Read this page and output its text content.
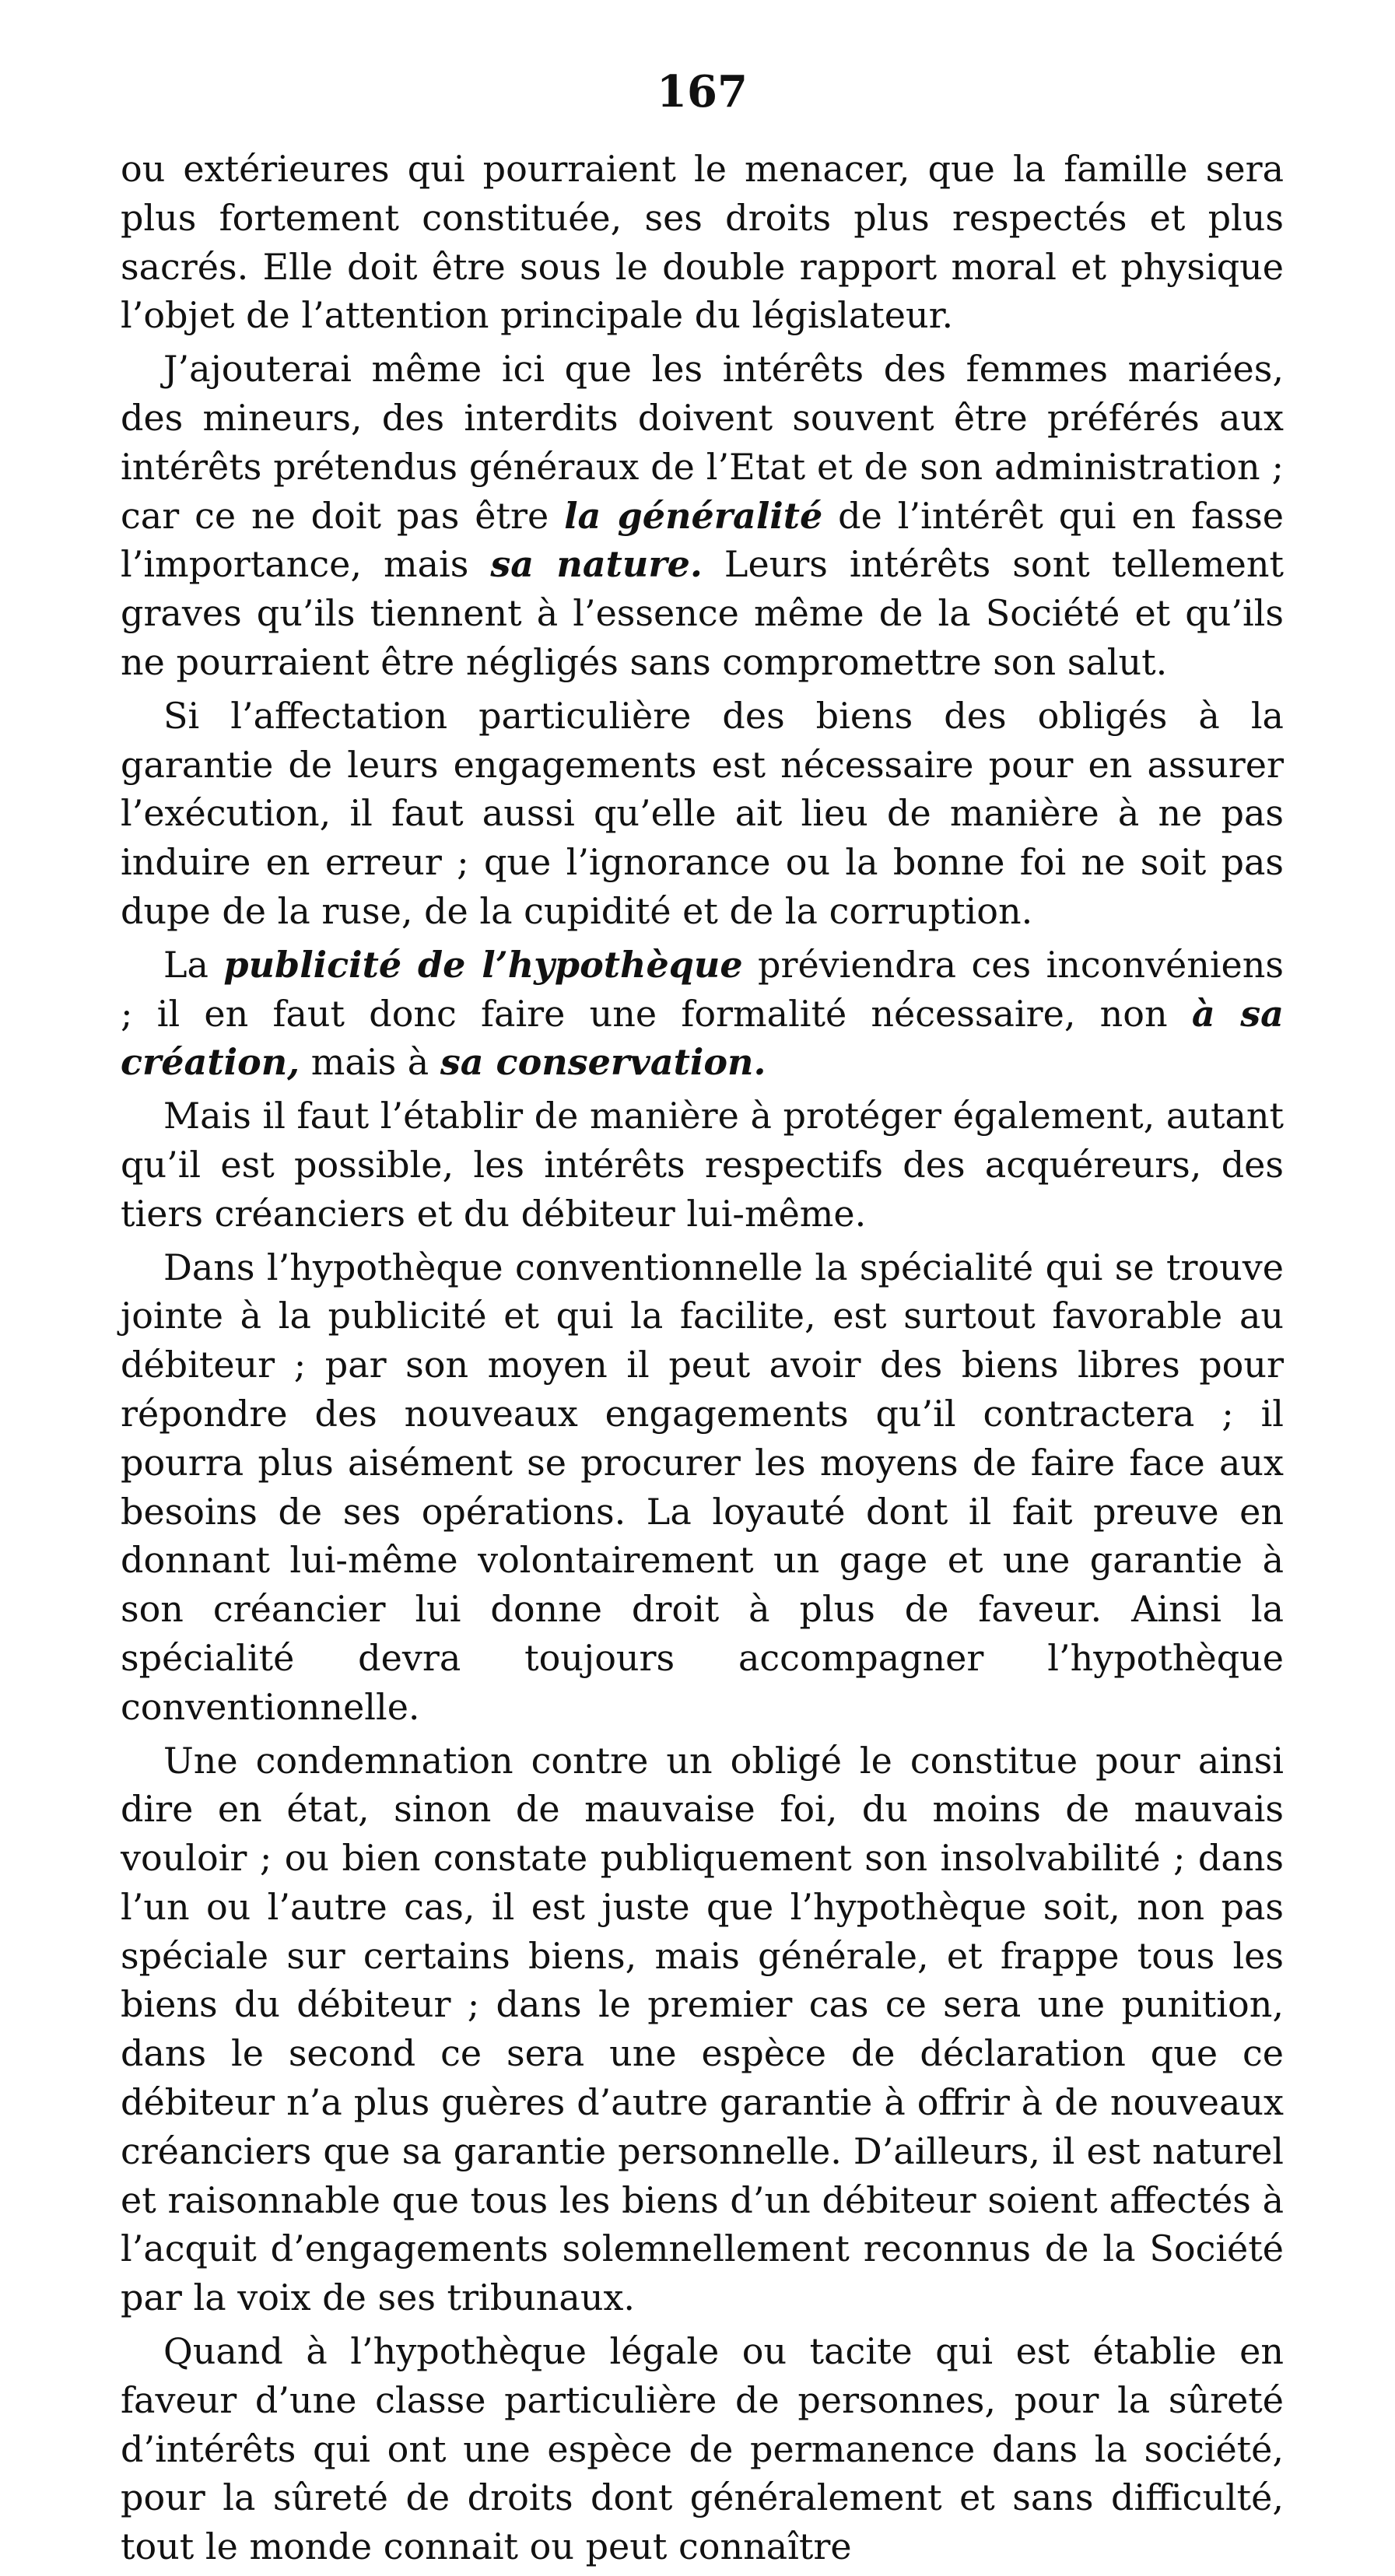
167

ou extérieures qui pourraient le menacer, que la famille sera plus fortement constituée, ses droits plus respectés et plus sacrés. Elle doit être sous le double rapport moral et physique l’objet de l’attention principale du législateur.

J’ajouterai même ici que les intérêts des femmes mariées, des mineurs, des interdits doivent souvent être préférés aux intérêts prétendus généraux de l’Etat et de son administration ; car ce ne doit pas être la généralité de l’intérêt qui en fasse l’importance, mais sa nature. Leurs intérêts sont tellement graves qu’ils tiennent à l’essence même de la Société et qu’ils ne pourraient être négligés sans compromettre son salut.

Si l’affectation particulière des biens des obligés à la garantie de leurs engagements est nécessaire pour en assurer l’exécution, il faut aussi qu’elle ait lieu de manière à ne pas induire en erreur ; que l’ignorance ou la bonne foi ne soit pas dupe de la ruse, de la cupidité et de la corruption.

La publicité de l’hypothèque préviendra ces inconvéniens ; il en faut donc faire une formalité nécessaire, non à sa création, mais à sa conservation.

Mais il faut l’établir de manière à protéger également, autant qu’il est possible, les intérêts respectifs des acquéreurs, des tiers créanciers et du débiteur lui-même.

Dans l’hypothèque conventionnelle la spécialité qui se trouve jointe à la publicité et qui la facilite, est surtout favorable au débiteur ; par son moyen il peut avoir des biens libres pour répondre des nouveaux engagements qu’il contractera ; il pourra plus aisément se procurer les moyens de faire face aux besoins de ses opérations. La loyauté dont il fait preuve en donnant lui-même volontairement un gage et une garantie à son créancier lui donne droit à plus de faveur. Ainsi la spécialité devra toujours accompagner l’hypothèque conventionnelle.

Une condemnation contre un obligé le constitue pour ainsi dire en état, sinon de mauvaise foi, du moins de mauvais vouloir ; ou bien constate publiquement son insolvabilité ; dans l’un ou l’autre cas, il est juste que l’hypothèque soit, non pas spéciale sur certains biens, mais générale, et frappe tous les biens du débiteur ; dans le premier cas ce sera une punition, dans le second ce sera une espèce de déclaration que ce débiteur n’a plus guères d’autre garantie à offrir à de nouveaux créanciers que sa garantie personnelle. D’ailleurs, il est naturel et raisonnable que tous les biens d’un débiteur soient affectés à l’acquit d’engagements solemnellement reconnus de la Société par la voix de ses tribunaux.

Quand à l’hypothèque légale ou tacite qui est établie en faveur d’une classe particulière de personnes, pour la sûreté d’intérêts qui ont une espèce de permanence dans la société, pour la sûreté de droits dont généralement et sans difficulté, tout le monde connait ou peut connaître
